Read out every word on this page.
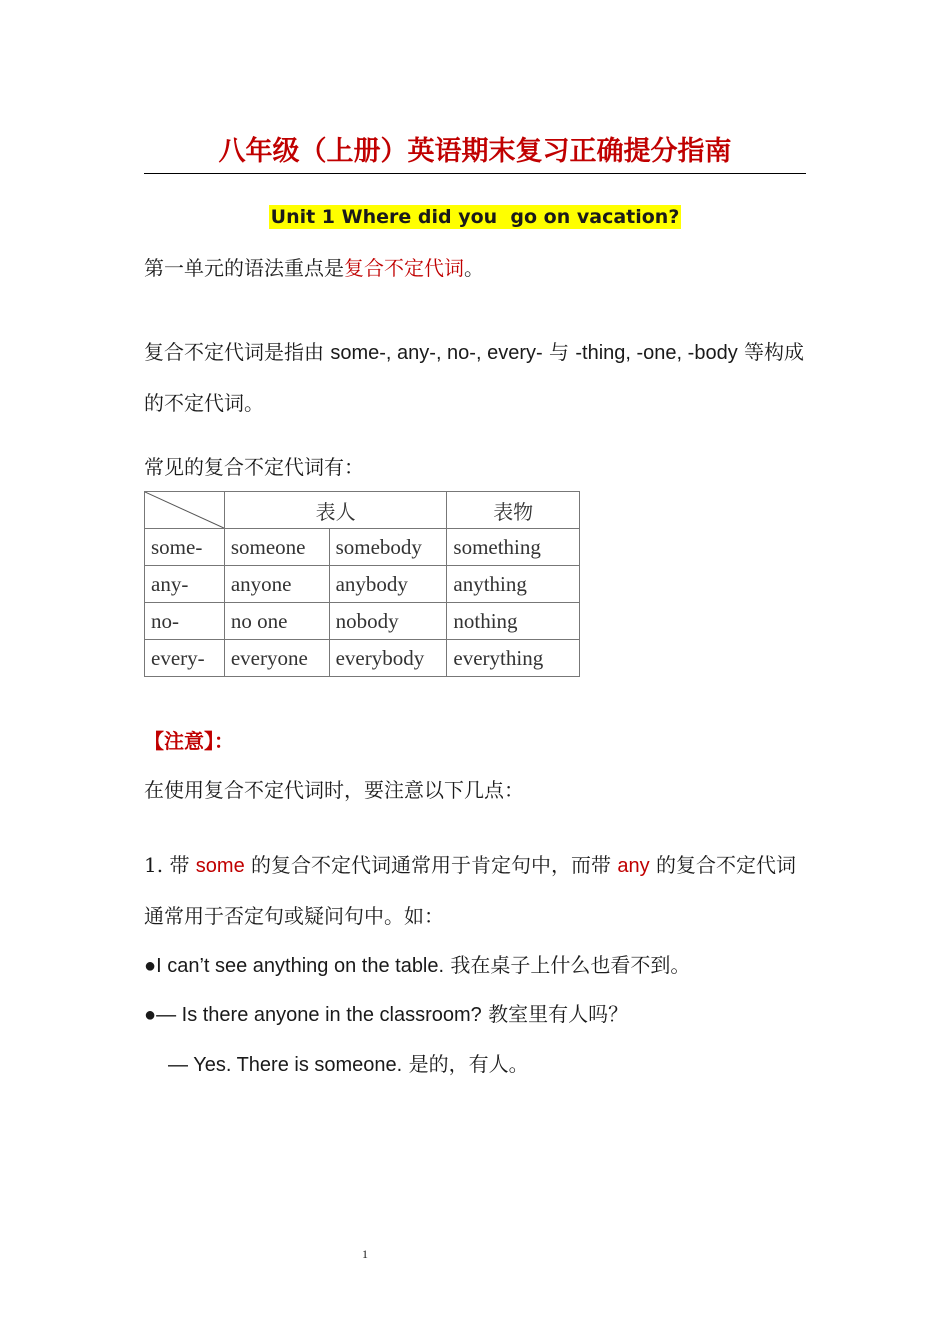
八年级（上册）英语期末复习正确提分指南
Unit 1 Where did you  go on vacation?
第一单元的语法重点是复合不定代词。
复合不定代词是指由 some-, any-, no-, every- 与 -thing, -one, -body 等构成的不定代词。
常见的复合不定代词有：
	表人		表物
some-	someone	somebody	something
any-	anyone	anybody	anything
no-	no one	nobody	nothing
every-	everyone	everybody	everything
【注意】：
在使用复合不定代词时，要注意以下几点：
1. 带 some 的复合不定代词通常用于肯定句中，而带 any 的复合不定代词通常用于否定句或疑问句中。如：
●I can’t see anything on the table. 我在桌子上什么也看不到。
●— Is there anyone in the classroom? 教室里有人吗？
— Yes. There is someone. 是的，有人。
1
